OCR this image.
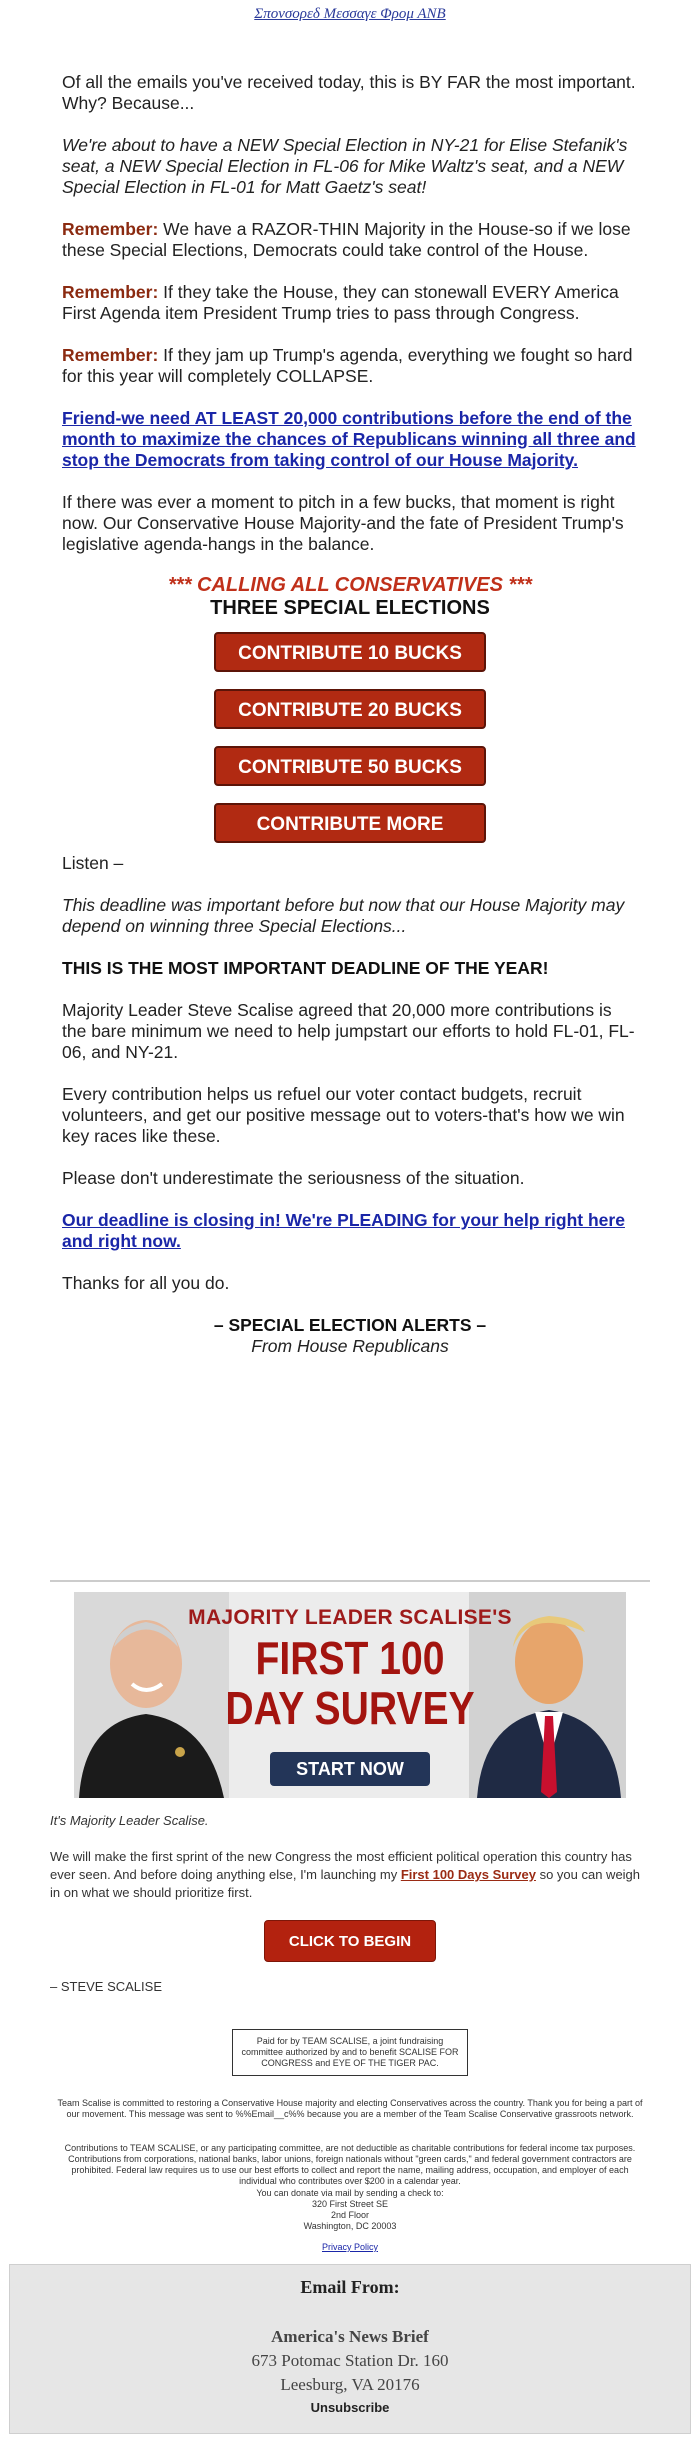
Σπονσορεδ Μεσσαγε Φρομ ΑΝΒ

Of all the emails you've received today, this is BY FAR the most important. Why? Because...

We're about to have a NEW Special Election in NY-21 for Elise Stefanik's seat, a NEW Special Election in FL-06 for Mike Waltz's seat, and a NEW Special Election in FL-01 for Matt Gaetz's seat!

Remember: We have a RAZOR-THIN Majority in the House-so if we lose these Special Elections, Democrats could take control of the House.

Remember: If they take the House, they can stonewall EVERY America First Agenda item President Trump tries to pass through Congress.

Remember: If they jam up Trump's agenda, everything we fought so hard for this year will completely COLLAPSE.

Friend-we need AT LEAST 20,000 contributions before the end of the month to maximize the chances of Republicans winning all three and stop the Democrats from taking control of our House Majority.

If there was ever a moment to pitch in a few bucks, that moment is right now. Our Conservative House Majority-and the fate of President Trump's legislative agenda-hangs in the balance.

*** CALLING ALL CONSERVATIVES ***
THREE SPECIAL ELECTIONS
CONTRIBUTE 10 BUCKS
CONTRIBUTE 20 BUCKS
CONTRIBUTE 50 BUCKS
CONTRIBUTE MORE

Listen –

This deadline was important before but now that our House Majority may depend on winning three Special Elections...

THIS IS THE MOST IMPORTANT DEADLINE OF THE YEAR!

Majority Leader Steve Scalise agreed that 20,000 more contributions is the bare minimum we need to help jumpstart our efforts to hold FL-01, FL-06, and NY-21.

Every contribution helps us refuel our voter contact budgets, recruit volunteers, and get our positive message out to voters-that's how we win key races like these.

Please don't underestimate the seriousness of the situation.

Our deadline is closing in! We're PLEADING for your help right here and right now.

Thanks for all you do.

– SPECIAL ELECTION ALERTS –

From House Republicans
MAJORITY LEADER SCALISE'S
FIRST 100
DAY SURVEY
START NOW

It's Majority Leader Scalise.

We will make the first sprint of the new Congress the most efficient political operation this country has ever seen. And before doing anything else, I'm launching my First 100 Days Survey so you can weigh in on what we should prioritize first.

CLICK TO BEGIN

– STEVE SCALISE

Paid for by TEAM SCALISE, a joint fundraising committee authorized by and to benefit SCALISE FOR CONGRESS and EYE OF THE TIGER PAC.
Team Scalise is committed to restoring a Conservative House majority and electing Conservatives across the country. Thank you for being a part of our movement. This message was sent to %%Email__c%% because you are a member of the Team Scalise Conservative grassroots network.
Contributions to TEAM SCALISE, or any participating committee, are not deductible as charitable contributions for federal income tax purposes. Contributions from corporations, national banks, labor unions, foreign nationals without "green cards," and federal government contractors are prohibited. Federal law requires us to use our best efforts to collect and report the name, mailing address, occupation, and employer of each individual who contributes over $200 in a calendar year.
You can donate via mail by sending a check to:
320 First Street SE
2nd Floor
Washington, DC 20003
Privacy Policy
Email From:
America's News Brief
673 Potomac Station Dr. 160
Leesburg, VA 20176
Unsubscribe
